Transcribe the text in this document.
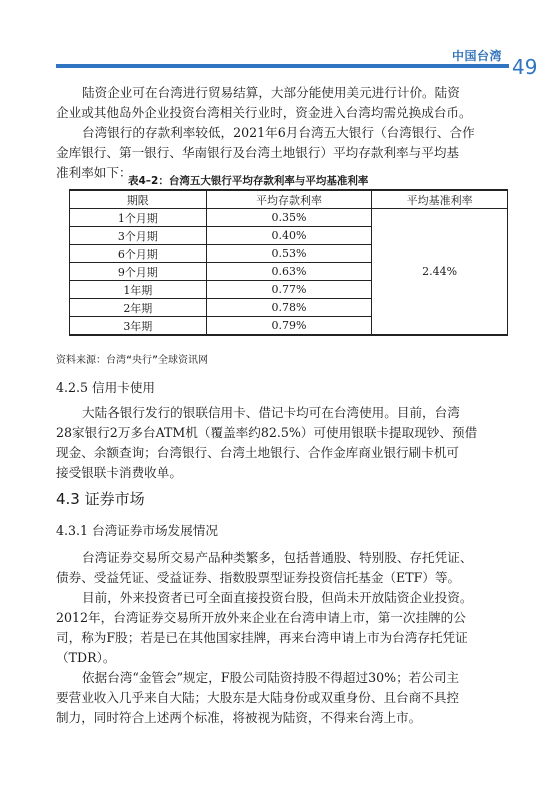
中国台湾 49
陆资企业可在台湾进行贸易结算，大部分能使用美元进行计价。陆资
企业或其他岛外企业投资台湾相关行业时，资金进入台湾均需兑换成台币。
台湾银行的存款利率较低，2021年6月台湾五大银行（台湾银行、合作
金库银行、第一银行、华南银行及台湾土地银行）平均存款利率与平均基
准利率如下：
表4–2：台湾五大银行平均存款利率与平均基准利率
期限	平均存款利率	平均基准利率
1个月期	0.35%	2.44%
3个月期	0.40%	
6个月期	0.53%	
9个月期	0.63%	
1年期	0.77%	
2年期	0.78%	
3年期	0.79%	
资料来源：台湾“央行”全球资讯网
4.2.5 信用卡使用
大陆各银行发行的银联信用卡、借记卡均可在台湾使用。目前，台湾
28家银行2万多台ATM机（覆盖率约82.5%）可使用银联卡提取现钞、预借
现金、余额查询；台湾银行、台湾土地银行、合作金库商业银行刷卡机可
接受银联卡消费收单。
4.3 证券市场
4.3.1 台湾证券市场发展情况
台湾证券交易所交易产品种类繁多，包括普通股、特别股、存托凭证、
债券、受益凭证、受益证券、指数股票型证券投资信托基金（ETF）等。
目前，外来投资者已可全面直接投资台股，但尚未开放陆资企业投资。
2012年，台湾证券交易所开放外来企业在台湾申请上市，第一次挂牌的公
司，称为F股；若是已在其他国家挂牌，再来台湾申请上市为台湾存托凭证
（TDR）。
依据台湾“金管会”规定，F股公司陆资持股不得超过30%；若公司主
要营业收入几乎来自大陆；大股东是大陆身份或双重身份、且台商不具控
制力，同时符合上述两个标准，将被视为陆资，不得来台湾上市。
